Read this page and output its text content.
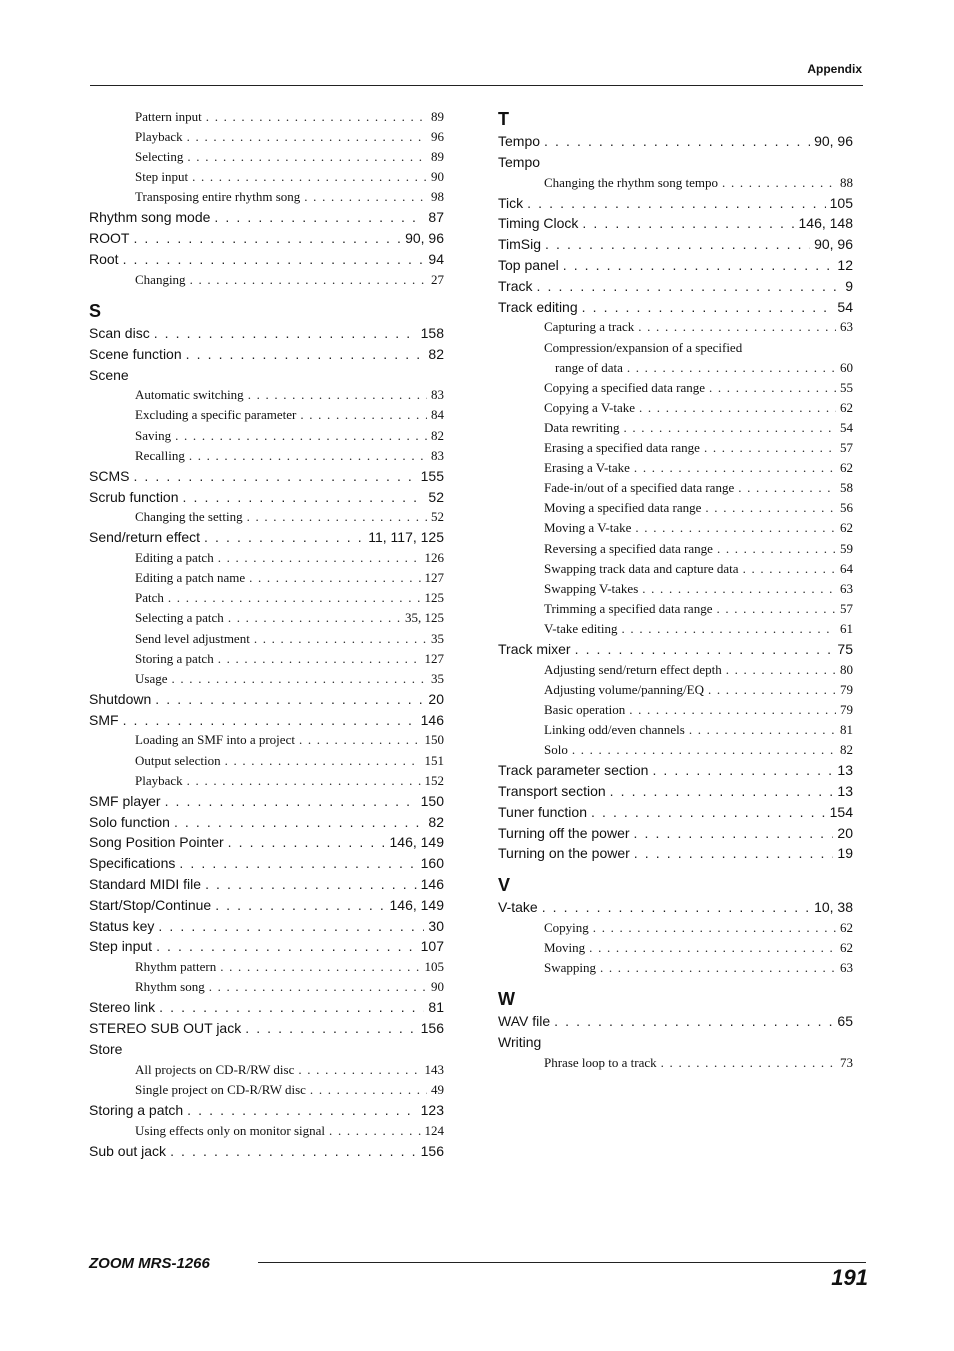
Appendix
Pattern input . . .	89
Playback . . .	96
Selecting . . .	89
Step input . . .	90
Transposing entire rhythm song . . .	98
Rhythm song mode . . .	87
ROOT . . .	90, 96
Root . . .	94
Changing . . .	27
S
Scan disc . . .	158
Scene function . . .	82
Scene
Automatic switching . . .	83
Excluding a specific parameter . . .	84
Saving . . .	82
Recalling . . .	83
SCMS . . .	155
Scrub function . . .	52
Changing the setting . . .	52
Send/return effect . . .	11, 117, 125
Editing a patch . . .	126
Editing a patch name . . .	127
Patch . . .	125
Selecting a patch . . .	35, 125
Send level adjustment . . .	35
Storing a patch . . .	127
Usage . . .	35
Shutdown . . .	20
SMF . . .	146
Loading an SMF into a project . . .	150
Output selection . . .	151
Playback . . .	152
SMF player . . .	150
Solo function . . .	82
Song Position Pointer . . .	146, 149
Specifications . . .	160
Standard MIDI file . . .	146
Start/Stop/Continue . . .	146, 149
Status key . . .	30
Step input . . .	107
Rhythm pattern . . .	105
Rhythm song . . .	90
Stereo link . . .	81
STEREO SUB OUT jack . . .	156
Store
All projects on CD-R/RW disc . . .	143
Single project on CD-R/RW disc . . .	49
Storing a patch . . .	123
Using effects only on monitor signal . . .	124
Sub out jack . . .	156
T
Tempo . . .	90, 96
Tempo
Changing the rhythm song tempo . . .	88
Tick . . .	105
Timing Clock . . .	146, 148
TimSig . . .	90, 96
Top panel . . .	12
Track . . .	9
Track editing . . .	54
Capturing a track . . .	63
Compression/expansion of a specified
range of data . . .	60
Copying a specified data range . . .	55
Copying a V-take . . .	62
Data rewriting . . .	54
Erasing a specified data range . . .	57
Erasing a V-take . . .	62
Fade-in/out of a specified data range . . .	58
Moving a specified data range . . .	56
Moving a V-take . . .	62
Reversing a specified data range . . .	59
Swapping track data and capture data . . .	64
Swapping V-takes . . .	63
Trimming a specified data range . . .	57
V-take editing . . .	61
Track mixer . . .	75
Adjusting send/return effect depth . . .	80
Adjusting volume/panning/EQ . . .	79
Basic operation . . .	79
Linking odd/even channels . . .	81
Solo . . .	82
Track parameter section . . .	13
Transport section . . .	13
Tuner function . . .	154
Turning off the power . . .	20
Turning on the power . . .	19
V
V-take . . .	10, 38
Copying . . .	62
Moving . . .	62
Swapping . . .	63
W
WAV file . . .	65
Writing
Phrase loop to a track . . .	73
ZOOM MRS-1266
191
